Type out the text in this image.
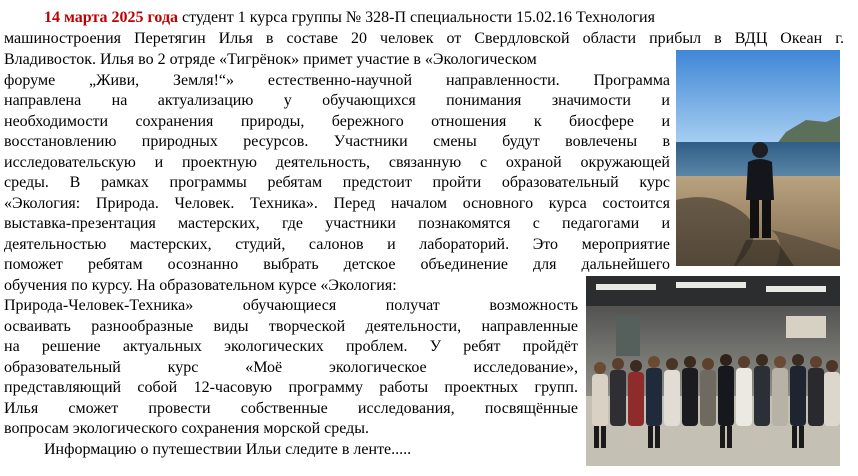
14 марта 2025 года студент 1 курса группы № 328-П специальности 15.02.16 Технология
машиностроения Перетягин Илья в составе 20 человек от Свердловской области прибыл в ВДЦ Океан г.
Владивосток. Илья во 2 отряде «Тигрёнок» примет участие в «Экологическом
форуме „Живи, Земля!“» естественно-научной направленности. Программа
направлена на актуализацию у обучающихся понимания значимости и
необходимости сохранения природы, бережного отношения к биосфере и
восстановлению природных ресурсов. Участники смены будут вовлечены в
исследовательскую и проектную деятельность, связанную с охраной окружающей
среды. В рамках программы ребятам предстоит пройти образовательный курс
«Экология: Природа. Человек. Техника». Перед началом основного курса состоится
выставка-презентация мастерских, где участники познакомятся с педагогами и
деятельностью мастерских, студий, салонов и лабораторий. Это мероприятие
поможет ребятам осознанно выбрать детское объединение для дальнейшего
обучения по курсу. На образовательном курсе «Экология:
Природа-Человек-Техника» обучающиеся получат возможность
осваивать разнообразные виды творческой деятельности, направленные
на решение актуальных экологических проблем. У ребят пройдёт
образовательный курс «Моё экологическое исследование»,
представляющий собой 12-часовую программу работы проектных групп.
Илья сможет провести собственные исследования, посвящённые
вопросам экологического сохранения морской среды.
Информацию о путешествии Ильи следите в ленте.....
